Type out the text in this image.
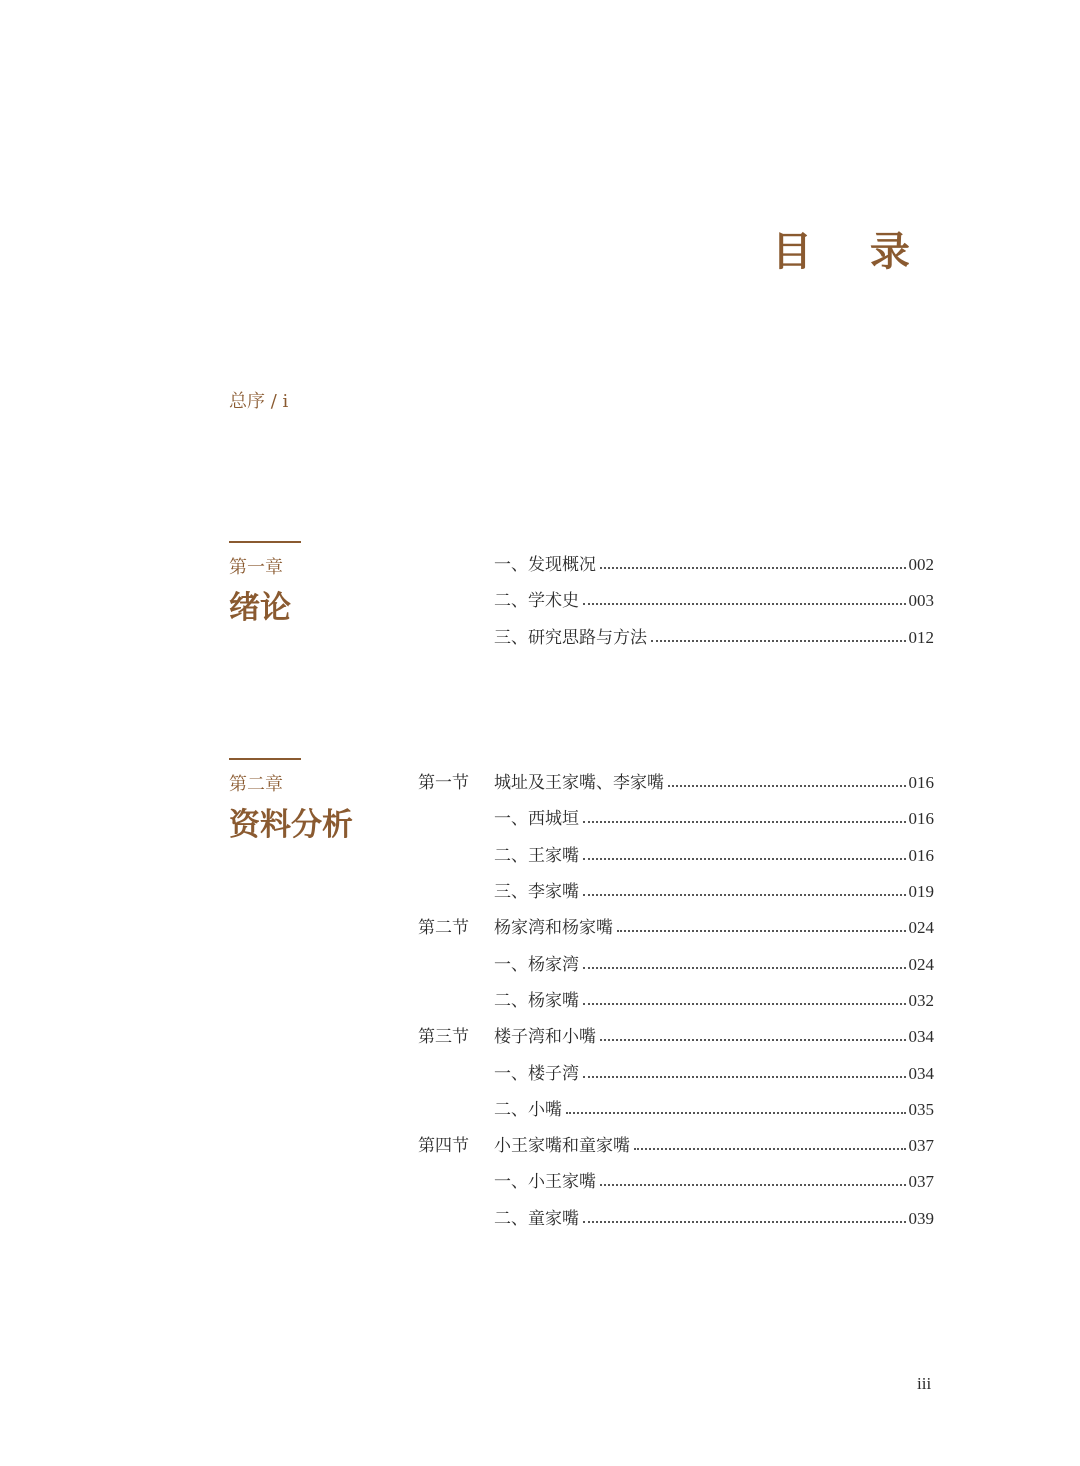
目 录
总序 / i
第一章
绪论
一、发现概况	002
二、学术史	003
三、研究思路与方法	012
第二章
资料分析
第一节	城址及王家嘴、李家嘴	016
一、西城垣	016
二、王家嘴	016
三、李家嘴	019
第二节	杨家湾和杨家嘴	024
一、杨家湾	024
二、杨家嘴	032
第三节	楼子湾和小嘴	034
一、楼子湾	034
二、小嘴	035
第四节	小王家嘴和童家嘴	037
一、小王家嘴	037
二、童家嘴	039
iii
